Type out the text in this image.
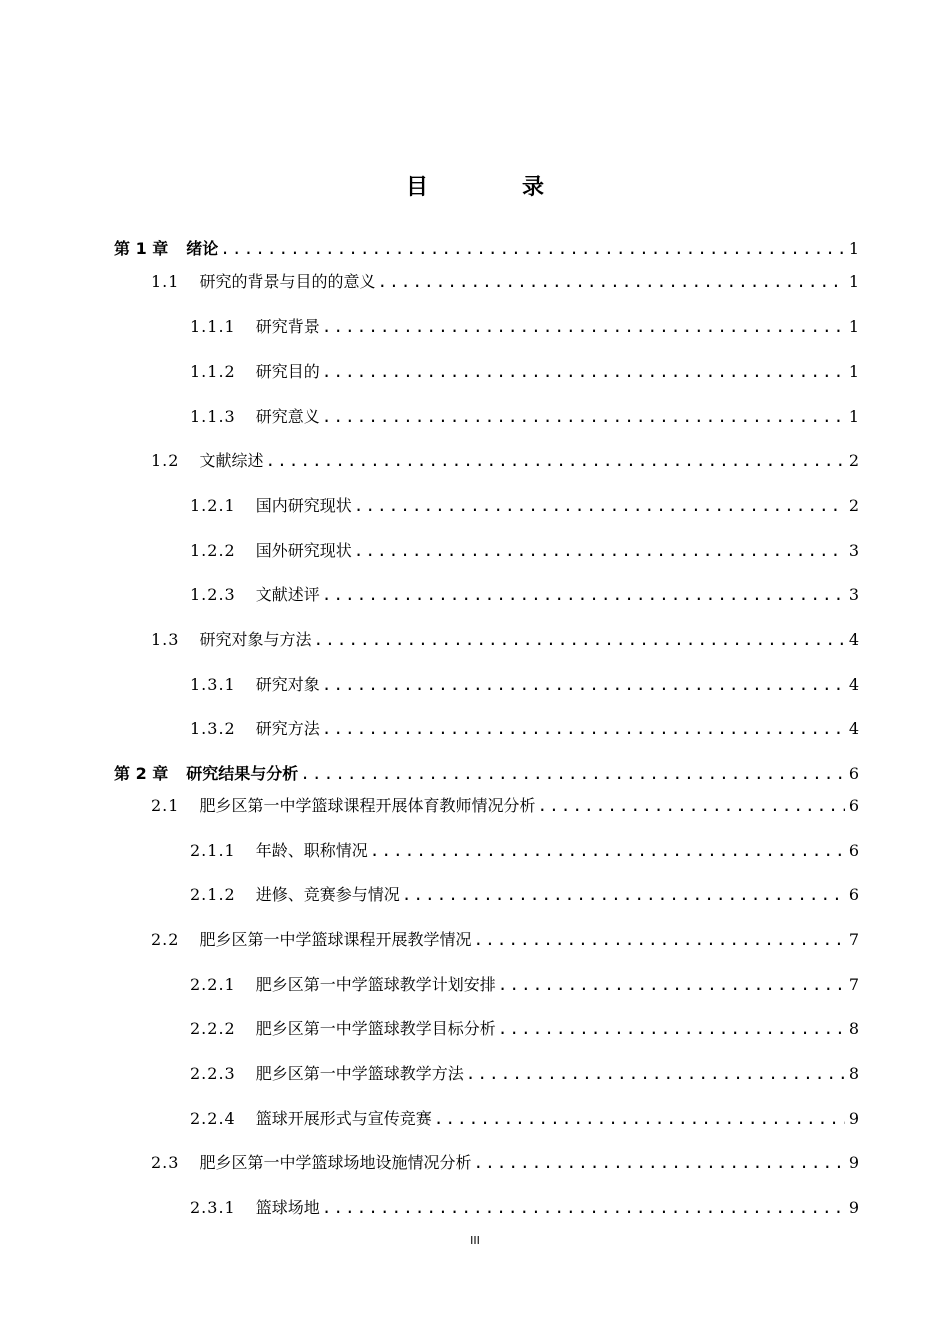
目　录
第 1 章 绪论 .....	1
1.1 研究的背景与目的的意义 .....	1
1.1.1 研究背景 .....	1
1.1.2 研究目的 .....	1
1.1.3 研究意义 .....	1
1.2 文献综述 .....	2
1.2.1 国内研究现状 .....	2
1.2.2 国外研究现状 .....	3
1.2.3 文献述评 .....	3
1.3 研究对象与方法 .....	4
1.3.1 研究对象 .....	4
1.3.2 研究方法 .....	4
第 2 章 研究结果与分析 .....	6
2.1 肥乡区第一中学篮球课程开展体育教师情况分析 .....	6
2.1.1 年龄、职称情况 .....	6
2.1.2 进修、竞赛参与情况 .....	6
2.2 肥乡区第一中学篮球课程开展教学情况 .....	7
2.2.1 肥乡区第一中学篮球教学计划安排 .....	7
2.2.2 肥乡区第一中学篮球教学目标分析 .....	8
2.2.3 肥乡区第一中学篮球教学方法 .....	8
2.2.4 篮球开展形式与宣传竞赛 .....	9
2.3 肥乡区第一中学篮球场地设施情况分析 .....	9
2.3.1 篮球场地 .....	9
III
